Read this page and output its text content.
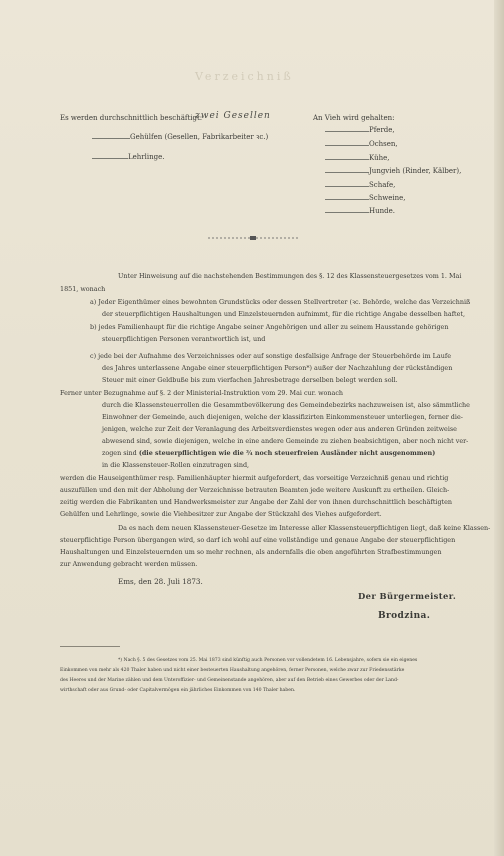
Verzeichniß
Es werden durchschnittlich beschäftigt:
zwei Gesellen	An Vieh wird gehalten:
Gehülfen (Gesellen, Fabrikarbeiter ꝛc.)
Lehrlinge.
Pferde,
Ochsen,
Kühe,
Jungvieh (Rinder, Kälber),
Schafe,
Schweine,
Hunde.
Unter Hinweisung auf die nachstehenden Bestimmungen des §. 12 des Klassensteuergesetzes vom 1. Mai
1851, wonach
a) Jeder Eigenthümer eines bewohnten Grundstücks oder dessen Stellvertreter (ꝛc. Behörde, welche das Verzeichniß
der steuerpflichtigen Haushaltungen und Einzelsteuernden aufnimmt, für die richtige Angabe desselben haftet,
b) jedes Familienhaupt für die richtige Angabe seiner Angehörigen und aller zu seinem Hausstande gehörigen
steuerpflichtigen Personen verantwortlich ist, und
c) jede bei der Aufnahme des Verzeichnisses oder auf sonstige desfallsige Anfrage der Steuerbehörde im Laufe
des Jahres unterlassene Angabe einer steuerpflichtigen Person*) außer der Nachzahlung der rückständigen
Steuer mit einer Geldbuße bis zum vierfachen Jahresbetrage derselben belegt werden soll.
Ferner unter Bezugnahme auf §. 2 der Ministerial-Instruktion vom 29. Mai cur. wonach
durch die Klassensteuerrollen die Gesammtbevölkerung des Gemeindebezirks nachzuweisen ist, also sämmtliche
Einwohner der Gemeinde, auch diejenigen, welche der klassifizirten Einkommensteuer unterliegen, ferner die-
jenigen, welche zur Zeit der Veranlagung des Arbeitsverdienstes wegen oder aus anderen Gründen zeitweise
abwesend sind, sowie diejenigen, welche in eine andere Gemeinde zu ziehen beabsichtigen, aber noch nicht ver-
zogen sind (die steuerpflichtigen wie die ¾ noch steuerfreien Ausländer nicht ausgenommen)
in die Klassensteuer-Rollen einzutragen sind,
werden die Hauseigenthümer resp. Familienhäupter hiermit aufgefordert, das vorseitige Verzeichniß genau und richtig
auszufüllen und den mit der Abholung der Verzeichnisse betrauten Beamten jede weitere Auskunft zu ertheilen. Gleich-
zeitig werden die Fabrikanten und Handwerksmeister zur Angabe der Zahl der von ihnen durchschnittlich beschäftigten
Gehülfen und Lehrlinge, sowie die Viehbesitzer zur Angabe der Stückzahl des Viehes aufgefordert.
Da es nach dem neuen Klassensteuer-Gesetze im Interesse aller Klassensteuerpflichtigen liegt, daß keine Klassen-
steuerpflichtige Person übergangen wird, so darf ich wohl auf eine vollständige und genaue Angabe der steuerpflichtigen
Haushaltungen und Einzelsteuernden um so mehr rechnen, als andernfalls die oben angeführten Strafbestimmungen
zur Anwendung gebracht werden müssen.
Ems, den 28. Juli 1873.
Der Bürgermeister.
Brodzina.
*) Nach §. 5 des Gesetzes vom 25. Mai 1873 sind künftig auch Personen vor vollendetem 16. Lebensjahre, sofern sie ein eigenes
Einkommen von mehr als 420 Thaler haben und nicht einer besteuerten Haushaltung angehören, ferner Personen, welche zwar zur Friedensstärke
des Heeres und der Marine zählen und dem Unteroffizier- und Gemeinenstande angehören, aber auf den Betrieb eines Gewerbes oder der Land-
wirthschaft oder aus Grund- oder Capitalvermögen ein jährliches Einkommen von 140 Thaler haben.
